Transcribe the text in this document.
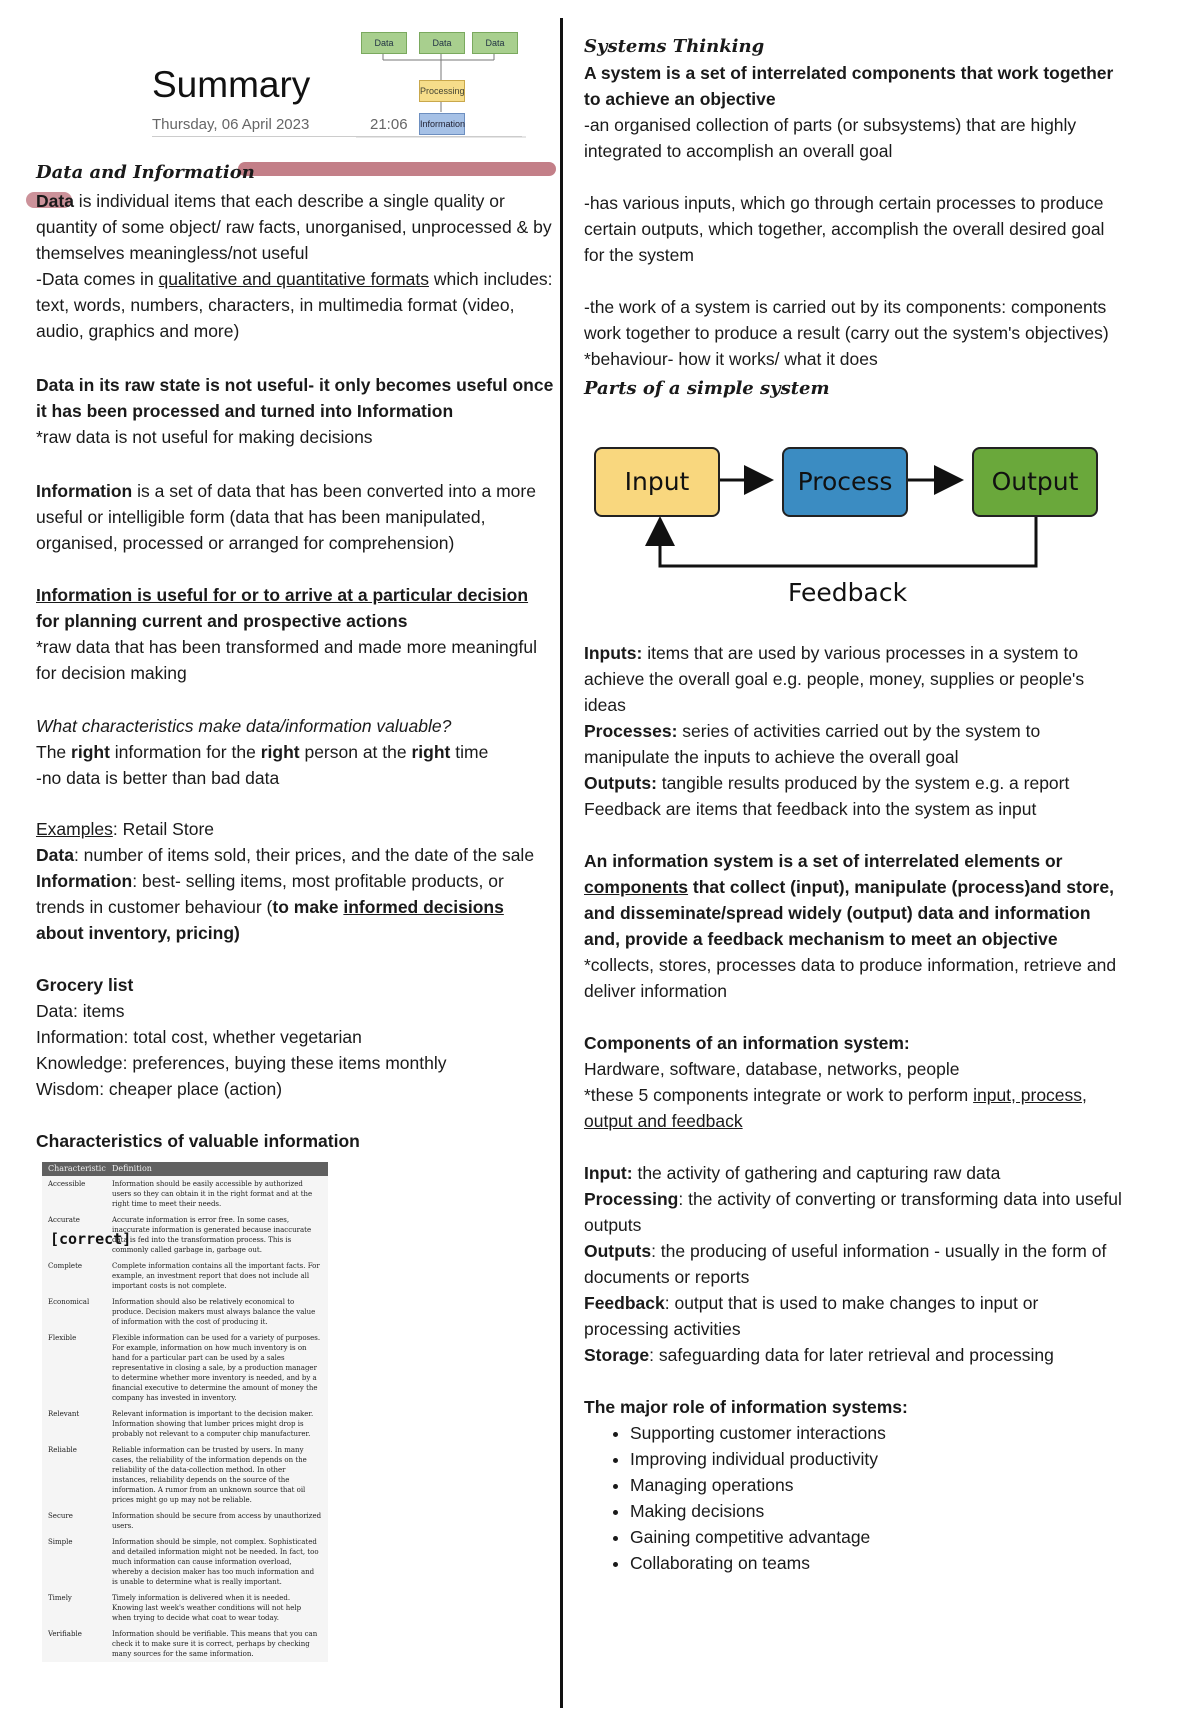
Summary
Thursday, 06 April 2023	21:06
Data	Data	Data
Processing
Information
Data and Information

Data is individual items that each describe a single quality or quantity of some object/ raw facts, unorganised, unprocessed & by themselves meaningless/not useful

-Data comes in qualitative and quantitative formats which includes: text, words, numbers, characters, in multimedia format (video, audio, graphics and more)

Data in its raw state is not useful- it only becomes useful once it has been processed and turned into Information

*raw data is not useful for making decisions

Information is a set of data that has been converted into a more useful or intelligible form (data that has been manipulated, organised, processed or arranged for comprehension)

Information is useful for or to arrive at a particular decision for planning current and prospective actions

*raw data that has been transformed and made more meaningful for decision making

What characteristics make data/information valuable?

The right information for the right person at the right time

-no data is better than bad data

Examples: Retail Store

Data: number of items sold, their prices, and the date of the sale

Information: best- selling items, most profitable products, or trends in customer behaviour (to make informed decisions about inventory, pricing)

Grocery list

Data: items

Information: total cost, whether vegetarian

Knowledge: preferences, buying these items monthly

Wisdom: cheaper place (action)

Characteristics of valuable information
Characteristic Definition
Accessible	Information should be easily accessible by authorized users so they can obtain it in the right format and at the right time to meet their needs.
Accurate	Accurate information is error free. In some cases, inaccurate information is generated because inaccurate data is fed into the transformation process. This is commonly called garbage in, garbage out.
Complete	Complete information contains all the important facts. For example, an investment report that does not include all important costs is not complete.
Economical	Information should also be relatively economical to produce. Decision makers must always balance the value of information with the cost of producing it.
Flexible	Flexible information can be used for a variety of purposes. For example, information on how much inventory is on hand for a particular part can be used by a sales representative in closing a sale, by a production manager to determine whether more inventory is needed, and by a financial executive to determine the amount of money the company has invested in inventory.
Relevant	Relevant information is important to the decision maker. Information showing that lumber prices might drop is probably not relevant to a computer chip manufacturer.
Reliable	Reliable information can be trusted by users. In many cases, the reliability of the information depends on the reliability of the data-collection method. In other instances, reliability depends on the source of the information. A rumor from an unknown source that oil prices might go up may not be reliable.
Secure	Information should be secure from access by unauthorized users.
Simple	Information should be simple, not complex. Sophisticated and detailed information might not be needed. In fact, too much information can cause information overload, whereby a decision maker has too much information and is unable to determine what is really important.
Timely	Timely information is delivered when it is needed. Knowing last week's weather conditions will not help when trying to decide what coat to wear today.
Verifiable	Information should be verifiable. This means that you can check it to make sure it is correct, perhaps by checking many sources for the same information.
[correct]
Systems Thinking

A system is a set of interrelated components that work together to achieve an objective

-an organised collection of parts (or subsystems) that are highly integrated to accomplish an overall goal

-has various inputs, which go through certain processes to produce certain outputs, which together, accomplish the overall desired goal for the system

-the work of a system is carried out by its components: components work together to produce a result (carry out the system's objectives)

*behaviour- how it works/ what it does

Parts of a simple system
Input	Process	Output
Feedback

Inputs: items that are used by various processes in a system to achieve the overall goal e.g. people, money, supplies or people's ideas

Processes: series of activities carried out by the system to manipulate the inputs to achieve the overall goal

Outputs: tangible results produced by the system e.g. a report

Feedback are items that feedback into the system as input

An information system is a set of interrelated elements or components that collect (input), manipulate (process)and store, and disseminate/spread widely (output) data and information and, provide a feedback mechanism to meet an objective

*collects, stores, processes data to produce information, retrieve and deliver information

Components of an information system:

Hardware, software, database, networks, people

*these 5 components integrate or work to perform input, process, output and feedback

Input: the activity of gathering and capturing raw data

Processing: the activity of converting or transforming data into useful outputs

Outputs: the producing of useful information - usually in the form of documents or reports

Feedback: output that is used to make changes to input or processing activities

Storage: safeguarding data for later retrieval and processing

The major role of information systems:

• Supporting customer interactions
• Improving individual productivity
• Managing operations
• Making decisions
• Gaining competitive advantage
• Collaborating on teams
